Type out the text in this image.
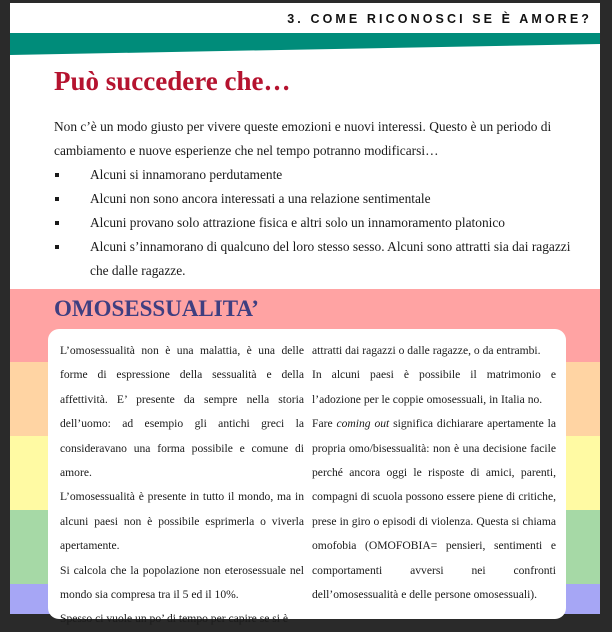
3. COME RICONOSCI SE È AMORE?
Può succedere che…

Non c’è un modo giusto per vivere queste emozioni e nuovi interessi. Questo è un periodo di cambiamento e nuove esperienze che nel tempo potranno modificarsi…

Alcuni si innamorano perdutamente
Alcuni non sono ancora interessati a una relazione sentimentale
Alcuni provano solo attrazione fisica e altri solo un innamoramento platonico
Alcuni s’innamorano di qualcuno del loro stesso sesso. Alcuni sono attratti sia dai ragazzi che dalle ragazze.
OMOSESSUALITA’

L’omosessualità non è una malattia, è una delle forme di espressione della sessualità e della affettività. E’ presente da sempre nella storia dell’uomo: ad esempio gli antichi greci la consideravano una forma possibile e comune di amore.

L’omosessualità è presente in tutto il mondo, ma in alcuni paesi non è possibile esprimerla o viverla apertamente.

Si calcola che la popolazione non eterosessuale nel mondo sia compresa tra il 5 ed il 10%.

Spesso ci vuole un po’ di tempo per capire se si è

attratti dai ragazzi o dalle ragazze, o da entrambi.

In alcuni paesi è possibile il matrimonio e l’adozione per le coppie omosessuali, in Italia no.

Fare coming out significa dichiarare apertamente la propria omo/bisessualità: non è una decisione facile perché ancora oggi le risposte di amici, parenti, compagni di scuola possono essere piene di critiche, prese in giro o episodi di violenza. Questa si chiama omofobia (OMOFOBIA= pensieri, sentimenti e comportamenti avversi nei confronti dell’omosessualità e delle persone omosessuali).
